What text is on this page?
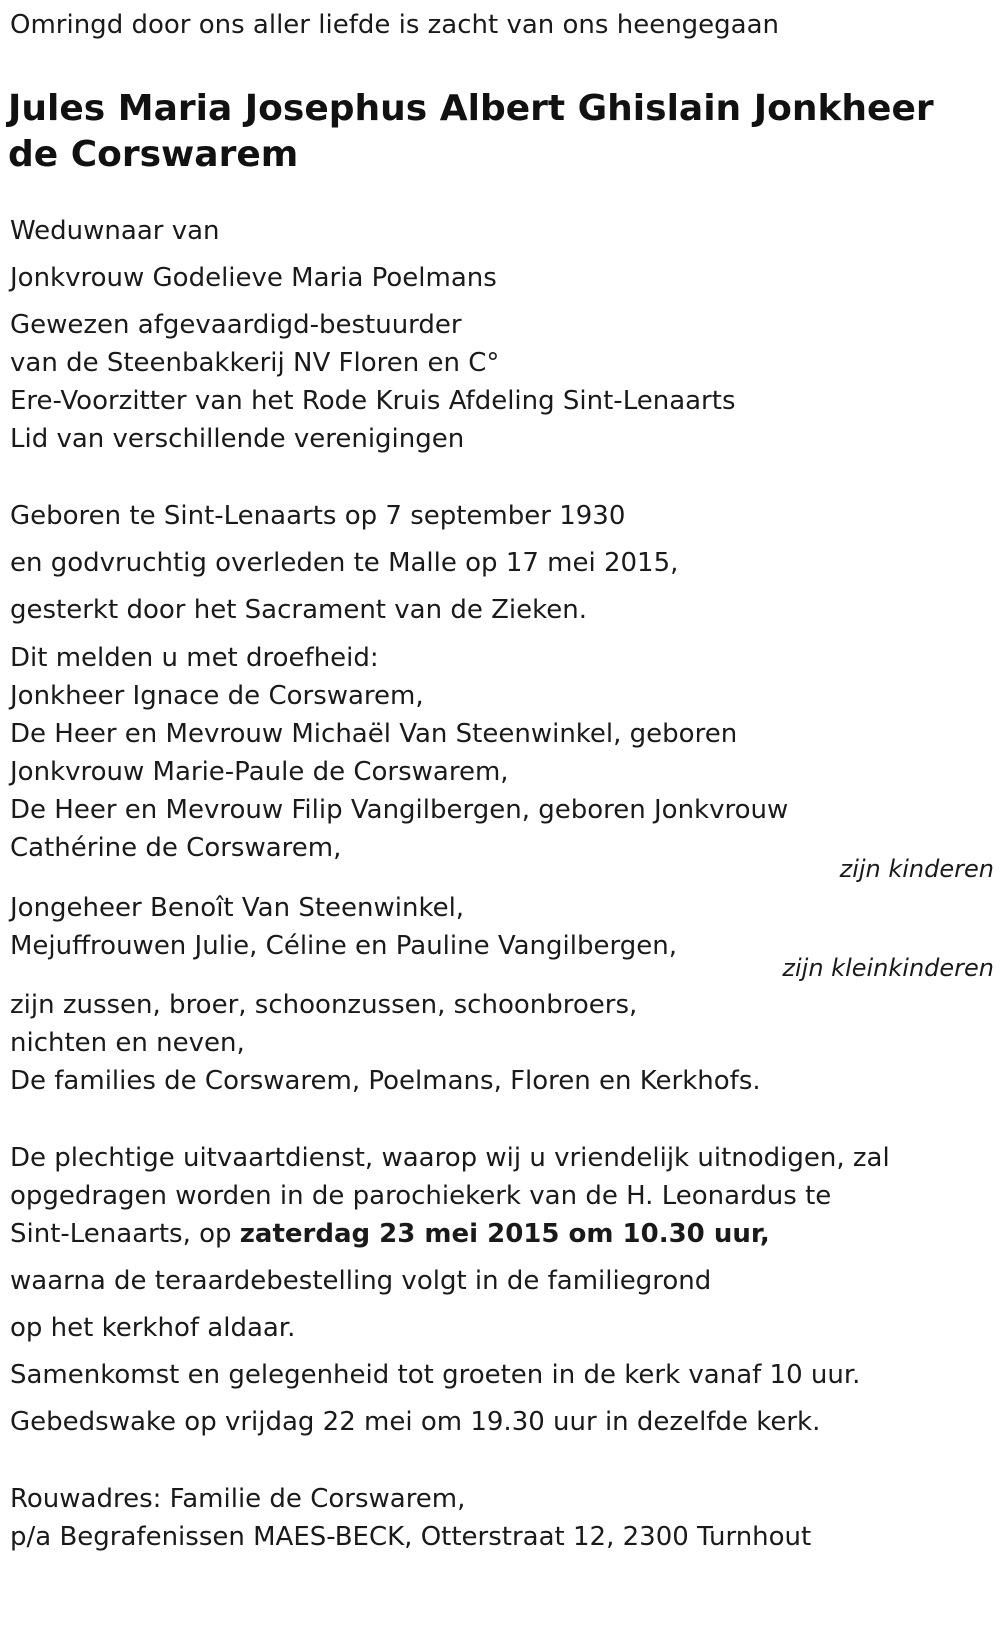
Omringd door ons aller liefde is zacht van ons heengegaan
Jules Maria Josephus Albert Ghislain Jonkheer de Corswarem
Weduwnaar van
Jonkvrouw Godelieve Maria Poelmans
Gewezen afgevaardigd-bestuurder
van de Steenbakkerij NV Floren en C°
Ere-Voorzitter van het Rode Kruis Afdeling Sint-Lenaarts
Lid van verschillende verenigingen
Geboren te Sint-Lenaarts op 7 september 1930
en godvruchtig overleden te Malle op 17 mei 2015,
gesterkt door het Sacrament van de Zieken.
Dit melden u met droefheid:
Jonkheer Ignace de Corswarem,
De Heer en Mevrouw Michaël Van Steenwinkel, geboren
Jonkvrouw Marie-Paule de Corswarem,
De Heer en Mevrouw Filip Vangilbergen, geboren Jonkvrouw
Cathérine de Corswarem,
zijn kinderen
Jongeheer Benoît Van Steenwinkel,
Mejuffrouwen Julie, Céline en Pauline Vangilbergen,
zijn kleinkinderen
zijn zussen, broer, schoonzussen, schoonbroers,
nichten en neven,
De families de Corswarem, Poelmans, Floren en Kerkhofs.
De plechtige uitvaartdienst, waarop wij u vriendelijk uitnodigen, zal
opgedragen worden in de parochiekerk van de H. Leonardus te
Sint-Lenaarts, op zaterdag 23 mei 2015 om 10.30 uur,
waarna de teraardebestelling volgt in de familiegrond
op het kerkhof aldaar.
Samenkomst en gelegenheid tot groeten in de kerk vanaf 10 uur.
Gebedswake op vrijdag 22 mei om 19.30 uur in dezelfde kerk.
Rouwadres: Familie de Corswarem,
p/a Begrafenissen MAES-BECK, Otterstraat 12, 2300 Turnhout
